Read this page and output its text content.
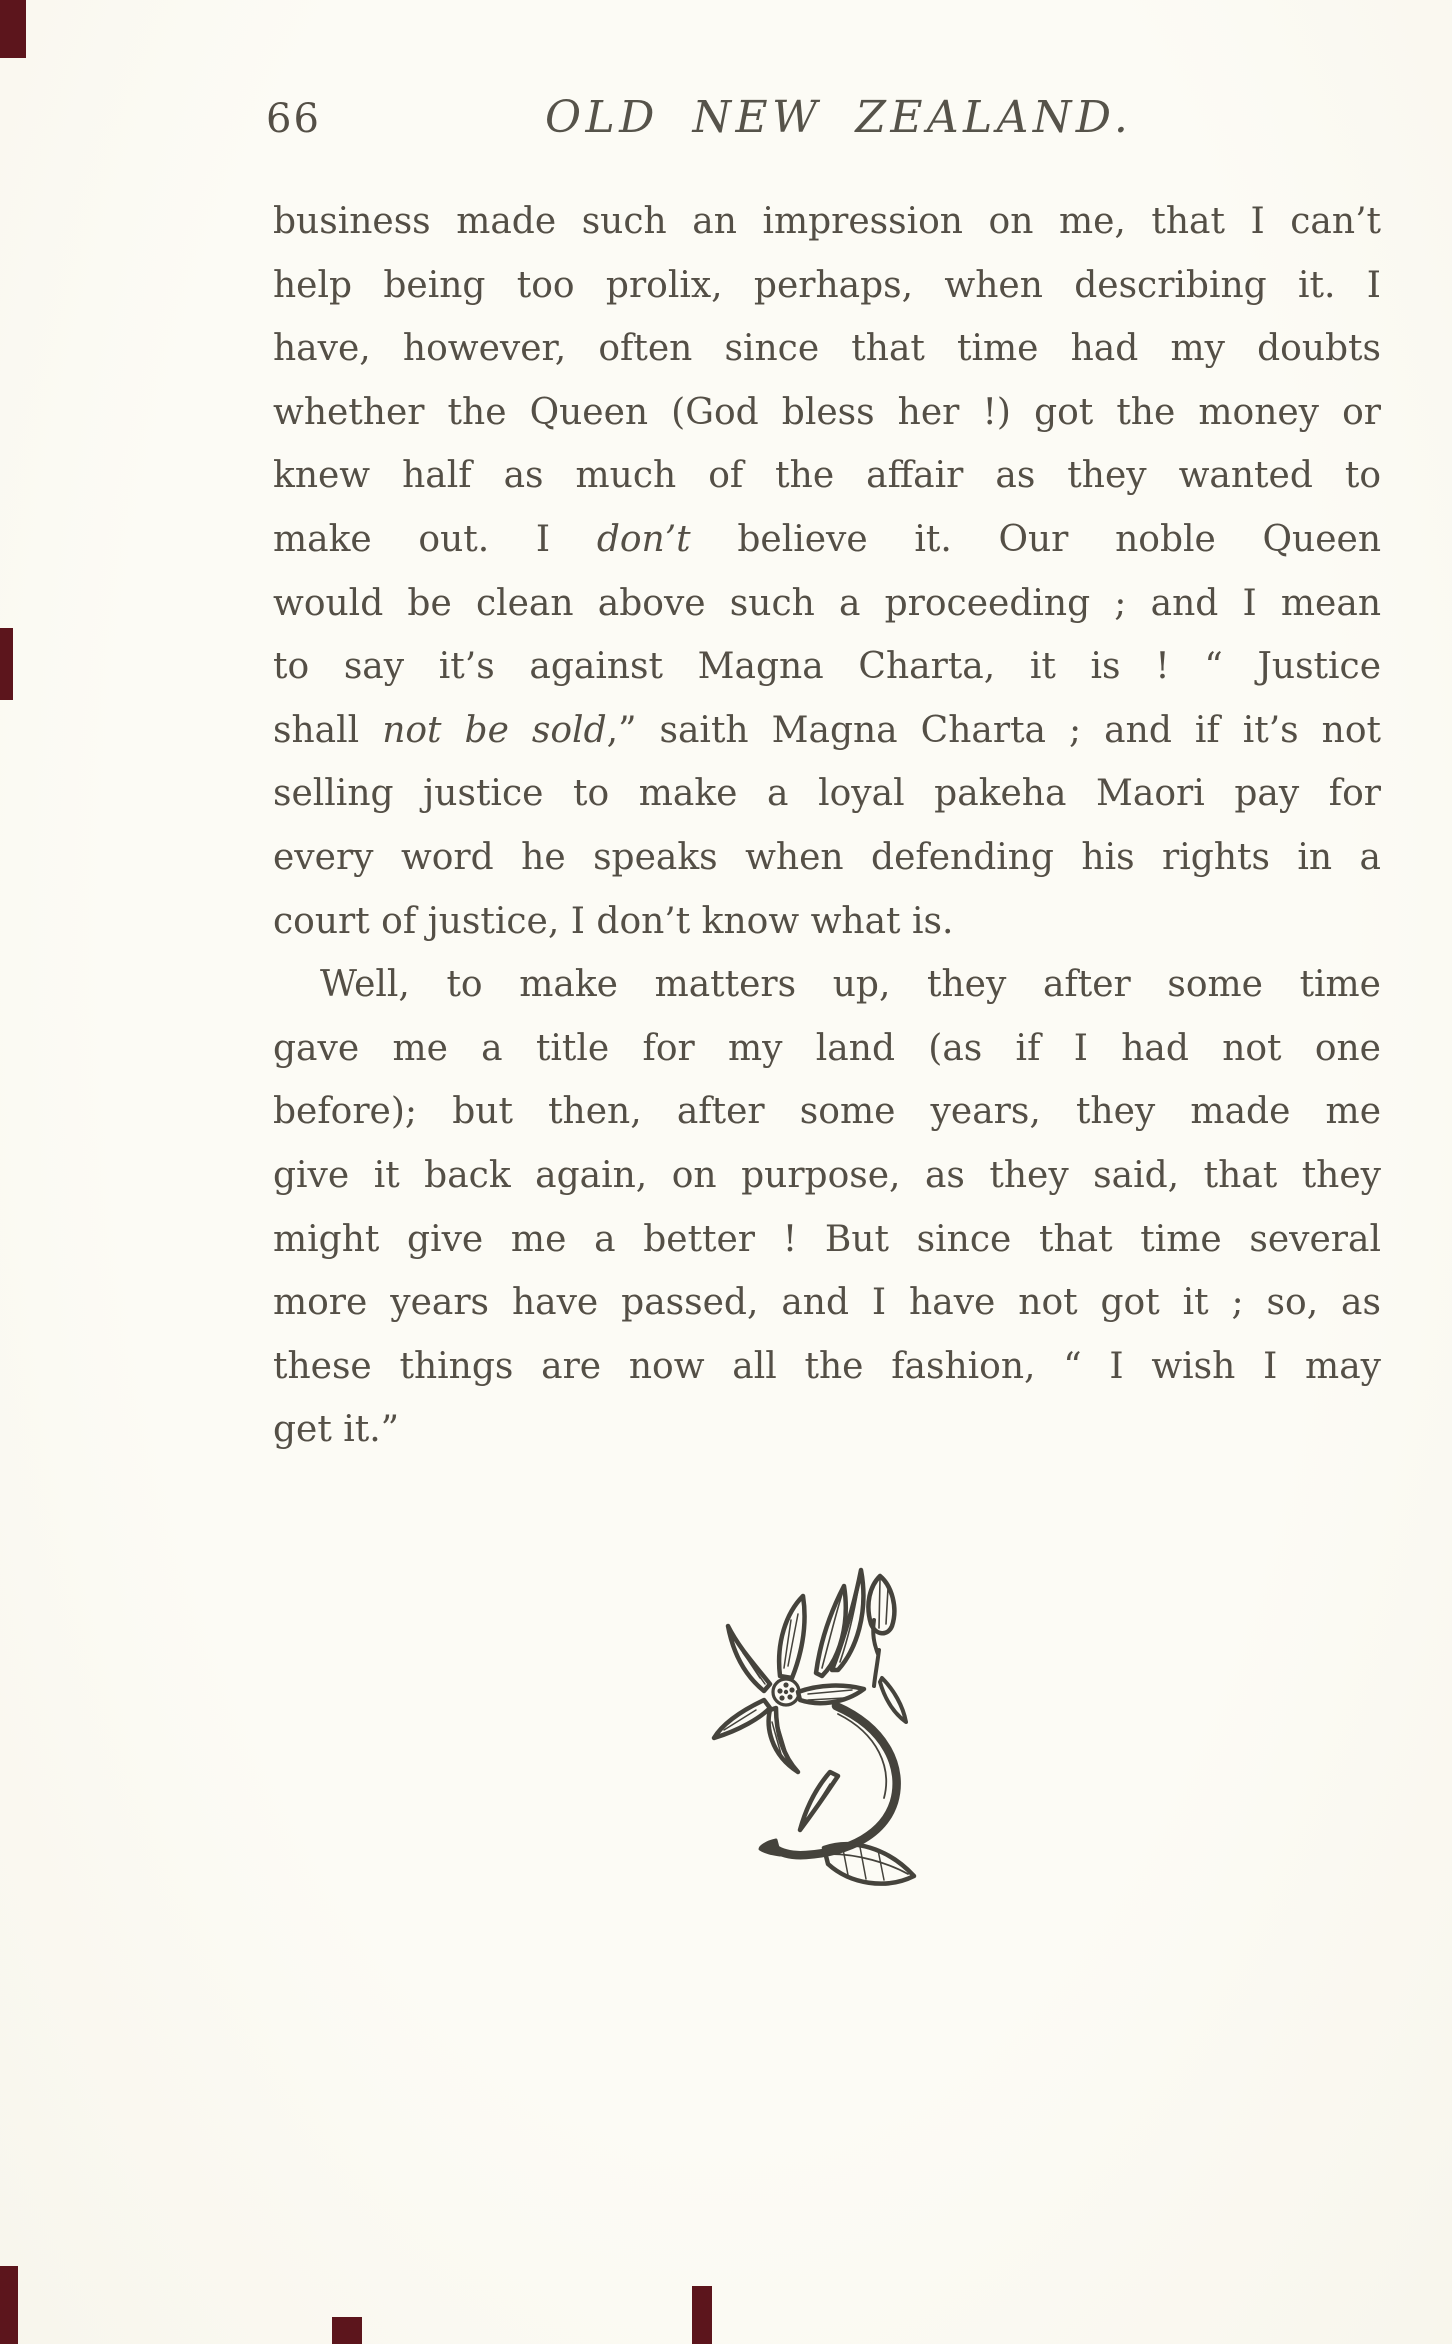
66	OLD NEW ZEALAND.
business made such an impression on me, that I can’t
help being too prolix, perhaps, when describing it. I
have, however, often since that time had my doubts
whether the Queen (God bless her !) got the money or
knew half as much of the affair as they wanted to
make out. I don’t believe it. Our noble Queen
would be clean above such a proceeding ; and I mean
to say it’s against Magna Charta, it is ! “ Justice
shall not be sold,” saith Magna Charta ; and if it’s not
selling justice to make a loyal pakeha Maori pay for
every word he speaks when defending his rights in a
court of justice, I don’t know what is.
Well, to make matters up, they after some time
gave me a title for my land (as if I had not one
before); but then, after some years, they made me
give it back again, on purpose, as they said, that they
might give me a better ! But since that time several
more years have passed, and I have not got it ; so, as
these things are now all the fashion, “ I wish I may
get it.”
